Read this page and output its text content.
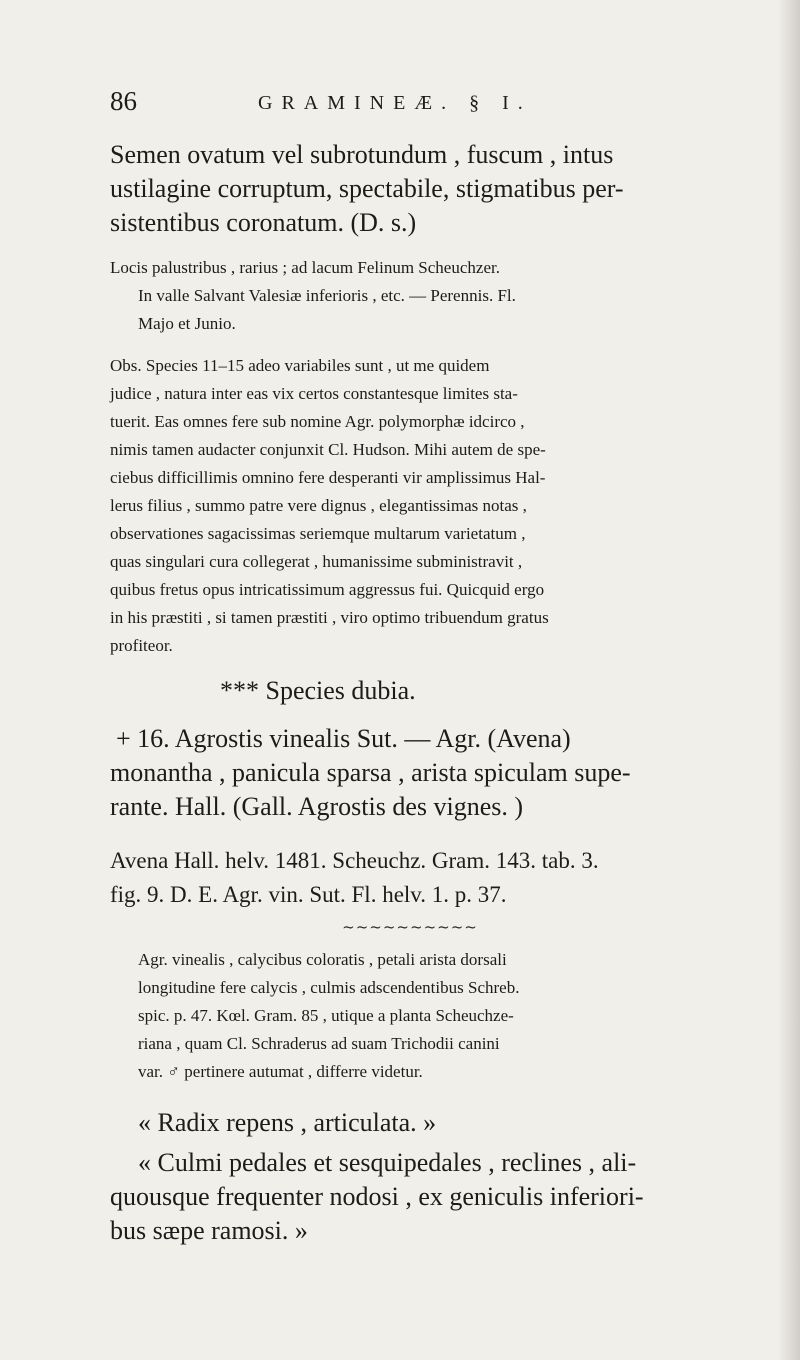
86	GRAMINEÆ. § I.

Semen ovatum vel subrotundum , fuscum , intus

ustilagine corruptum, spectabile, stigmatibus per-

sistentibus coronatum. (D. s.)

Locis palustribus , rarius ; ad lacum Felinum Scheuchzer.

In valle Salvant Valesiæ inferioris , etc. — Perennis. Fl.

Majo et Junio.

Obs. Species 11–15 adeo variabiles sunt , ut me quidem

judice , natura inter eas vix certos constantesque limites sta-

tuerit. Eas omnes fere sub nomine Agr. polymorphæ idcirco ,

nimis tamen audacter conjunxit Cl. Hudson. Mihi autem de spe-

ciebus difficillimis omnino fere desperanti vir amplissimus Hal-

lerus filius , summo patre vere dignus , elegantissimas notas ,

observationes sagacissimas seriemque multarum varietatum ,

quas singulari cura collegerat , humanissime subministravit ,

quibus fretus opus intricatissimum aggressus fui. Quicquid ergo

in his præstiti , si tamen præstiti , viro optimo tribuendum gratus

profiteor.

*** Species dubia.

+ 16. Agrostis vinealis Sut. — Agr. (Avena)

monantha , panicula sparsa , arista spiculam supe-

rante. Hall. (Gall. Agrostis des vignes. )

Avena Hall. helv. 1481. Scheuchz. Gram. 143. tab. 3.

fig. 9. D. E. Agr. vin. Sut. Fl. helv. 1. p. 37.

~~~~~~~~~~

Agr. vinealis , calycibus coloratis , petali arista dorsali

longitudine fere calycis , culmis adscendentibus Schreb.

spic. p. 47. Kœl. Gram. 85 , utique a planta Scheuchze-

riana , quam Cl. Schraderus ad suam Trichodii canini

var. ♂ pertinere autumat , differre videtur.

« Radix repens , articulata. »

« Culmi pedales et sesquipedales , reclines , ali-

quousque frequenter nodosi , ex geniculis inferiori-

bus sæpe ramosi. »
